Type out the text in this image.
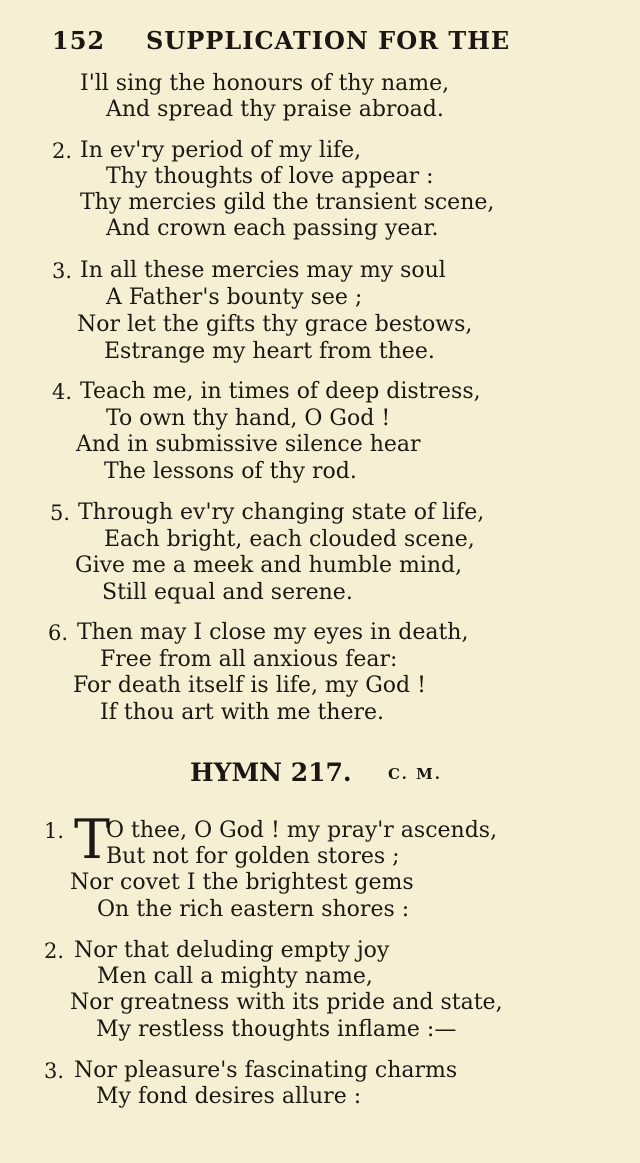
152 SUPPLICATION FOR THE
I'll sing the honours of thy name,
And spread thy praise abroad.
2. In ev'ry period of my life,
Thy thoughts of love appear :
Thy mercies gild the transient scene,
And crown each passing year.
3. In all these mercies may my soul
A Father's bounty see ;
Nor let the gifts thy grace bestows,
Estrange my heart from thee.
4. Teach me, in times of deep distress,
To own thy hand, O God !
And in submissive silence hear
The lessons of thy rod.
5. Through ev'ry changing state of life,
Each bright, each clouded scene,
Give me a meek and humble mind,
Still equal and serene.
6. Then may I close my eyes in death,
Free from all anxious fear:
For death itself is life, my God !
If thou art with me there.
HYMN 217. C. M.
1. T
O thee, O God ! my pray'r ascends,
But not for golden stores ;
Nor covet I the brightest gems
On the rich eastern shores :
2. Nor that deluding empty joy
Men call a mighty name,
Nor greatness with its pride and state,
My restless thoughts inflame :—
3. Nor pleasure's fascinating charms
My fond desires allure :
